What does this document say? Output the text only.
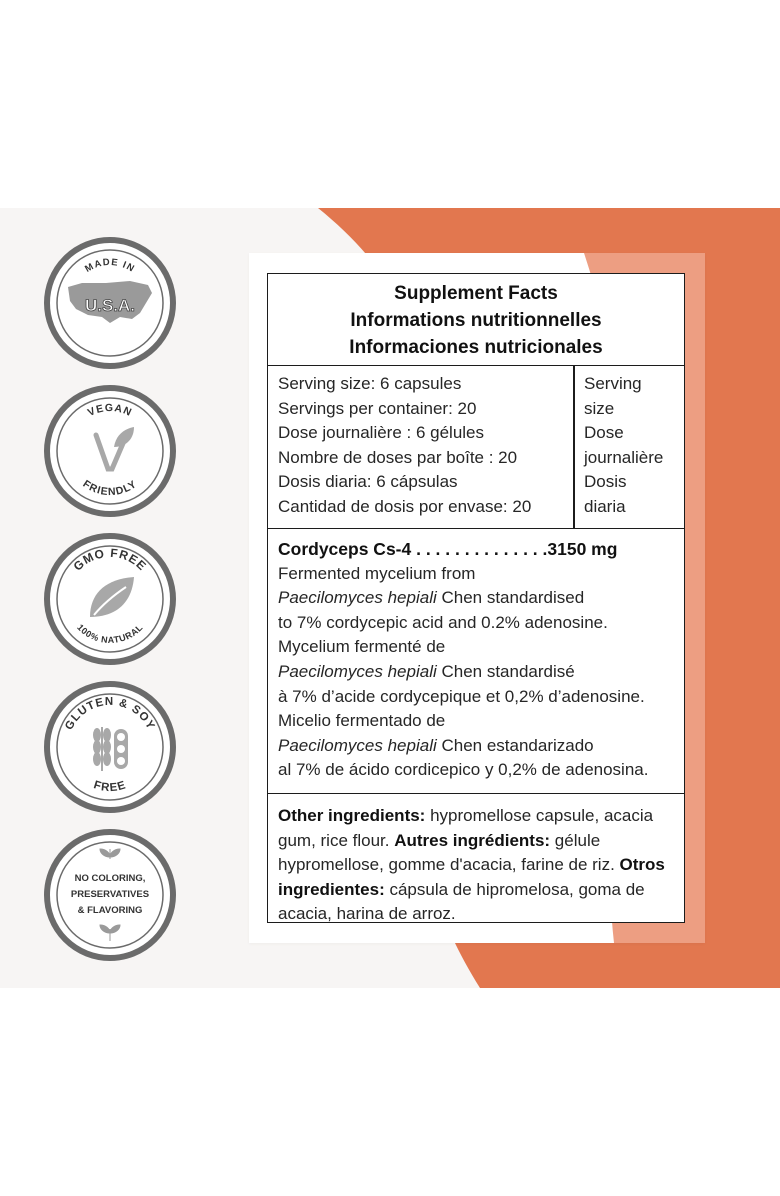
MADE IN
U.S.A.
VEGAN
FRIENDLY
GMO FREE
100% NATURAL
GLUTEN & SOY
FREE
NO COLORING,
PRESERVATIVES
& FLAVORING
Supplement Facts
Informations nutritionnelles
Informaciones nutricionales
Serving size: 6 capsules
Servings per container: 20
Dose journalière : 6 gélules
Nombre de doses par boîte : 20
Dosis diaria: 6 cápsulas
Cantidad de dosis por envase: 20
Serving
size
Dose
journalière
Dosis
diaria
Cordyceps Cs-4 . . . . . . . . . . . . . .3150 mg
Fermented mycelium from
Paecilomyces hepiali Chen standardised
to 7% cordycepic acid and 0.2% adenosine.
Mycelium fermenté de
Paecilomyces hepiali Chen standardisé
à 7% d’acide cordycepique et 0,2% d’adenosine.
Micelio fermentado de
Paecilomyces hepiali Chen estandarizado
al 7% de ácido cordicepico y 0,2% de adenosina.
Other ingredients: hypromellose capsule, acacia gum, rice flour. Autres ingrédients: gélule hypromellose, gomme d'acacia, farine de riz. Otros ingredientes: cápsula de hipromelosa, goma de acacia, harina de arroz.
